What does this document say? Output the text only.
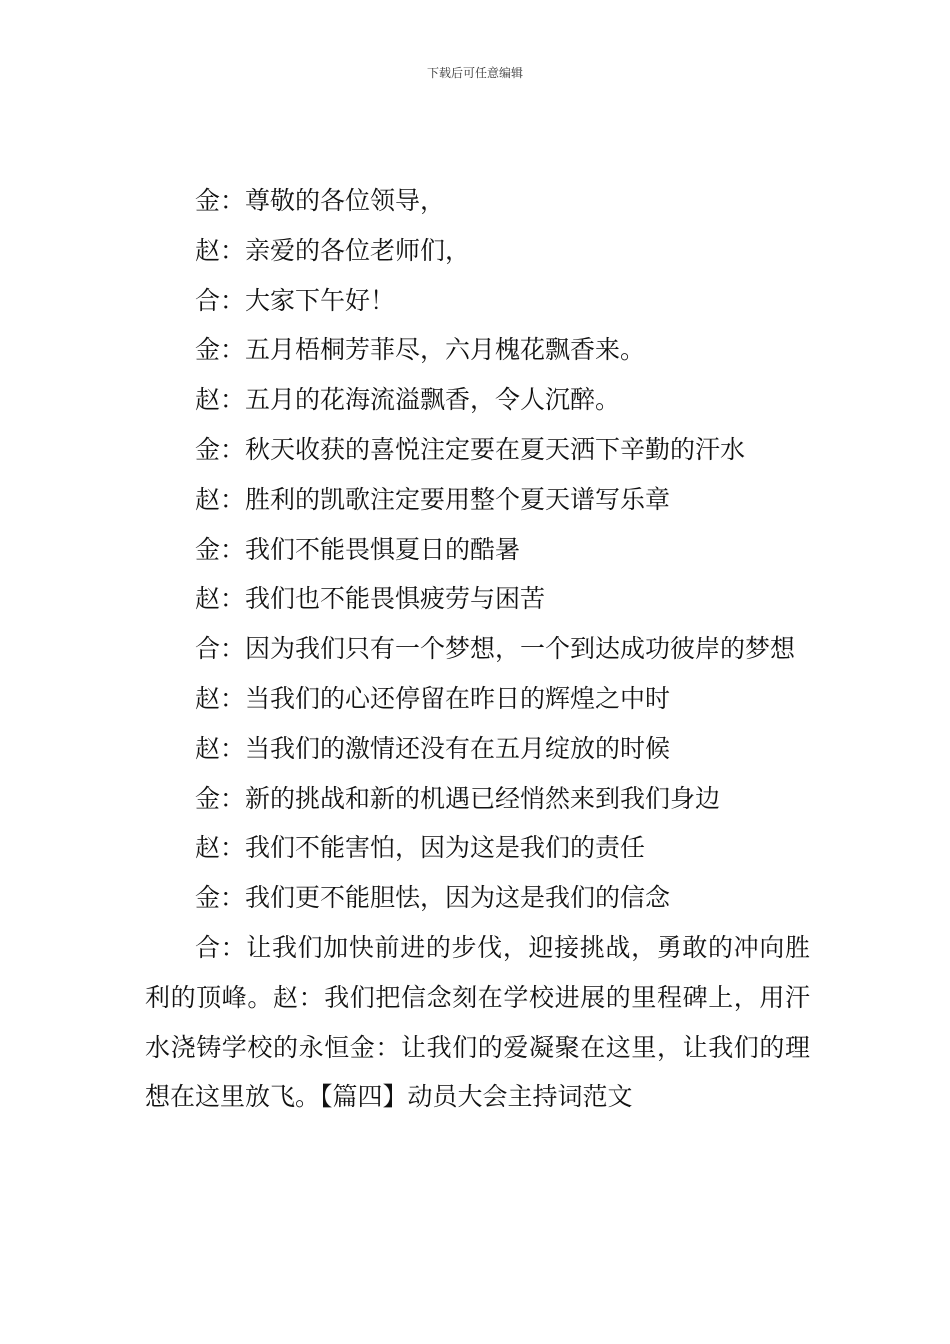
下载后可任意编辑

金：尊敬的各位领导，

赵：亲爱的各位老师们，

合：大家下午好！

金：五月梧桐芳菲尽，六月槐花飘香来。

赵：五月的花海流溢飘香，令人沉醉。

金：秋天收获的喜悦注定要在夏天洒下辛勤的汗水

赵：胜利的凯歌注定要用整个夏天谱写乐章

金：我们不能畏惧夏日的酷暑

赵：我们也不能畏惧疲劳与困苦

合：因为我们只有一个梦想，一个到达成功彼岸的梦想

赵：当我们的心还停留在昨日的辉煌之中时

赵：当我们的激情还没有在五月绽放的时候

金：新的挑战和新的机遇已经悄然来到我们身边

赵：我们不能害怕，因为这是我们的责任

金：我们更不能胆怯，因为这是我们的信念

合：让我们加快前进的步伐，迎接挑战，勇敢的冲向胜利的顶峰。赵：我们把信念刻在学校进展的里程碑上，用汗水浇铸学校的永恒金：让我们的爱凝聚在这里，让我们的理想在这里放飞。【篇四】动员大会主持词范文
